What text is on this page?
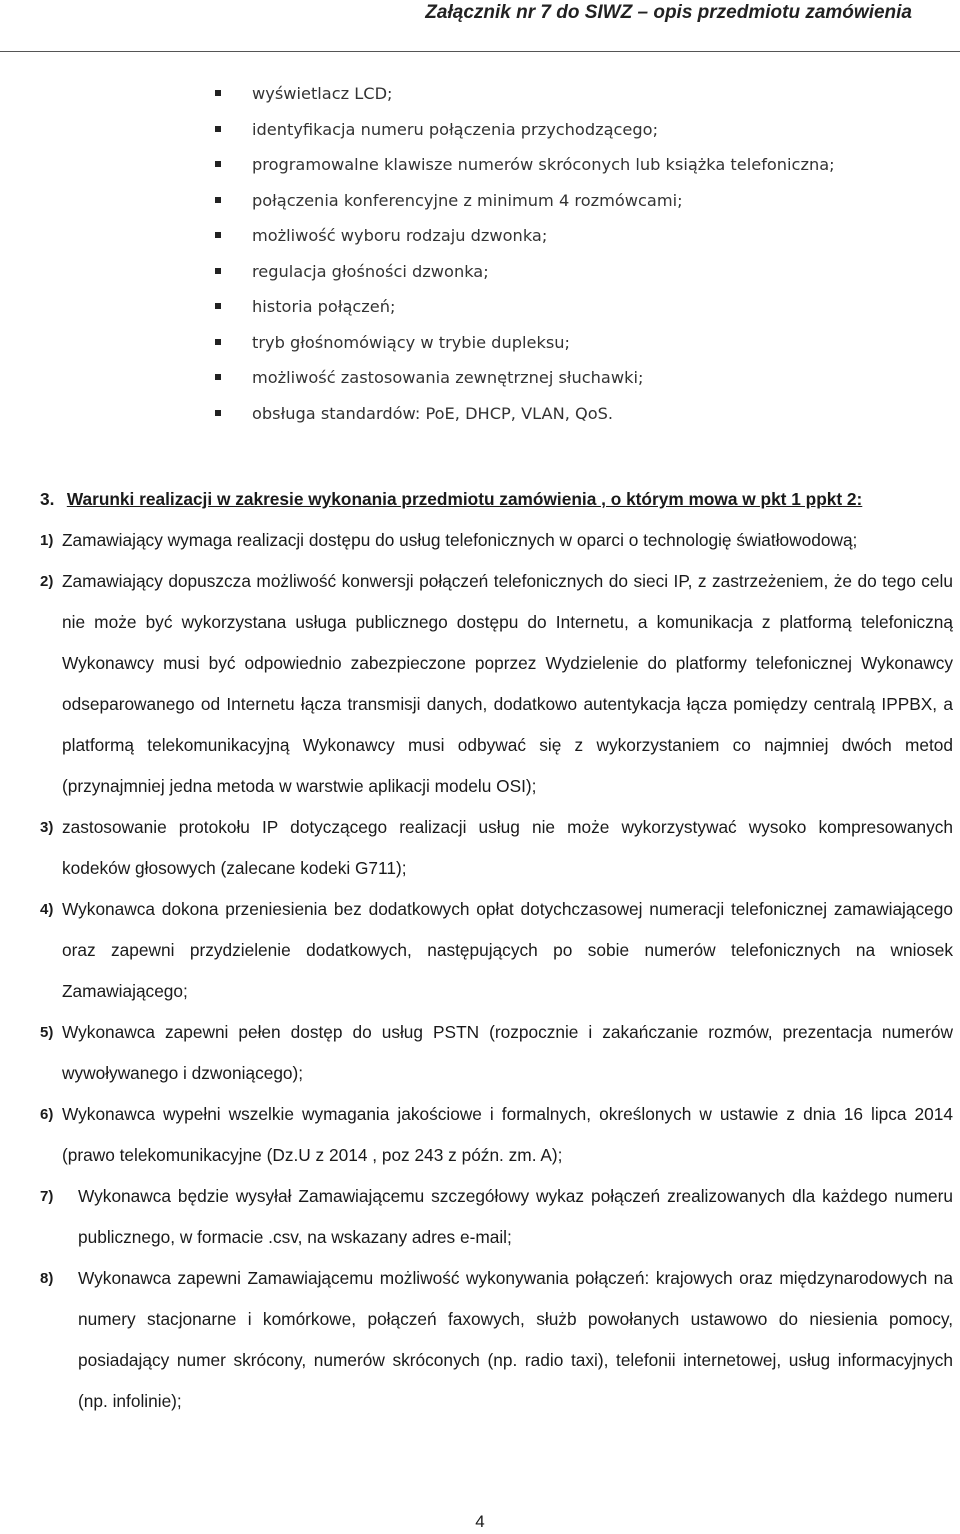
Załącznik nr 7 do SIWZ – opis przedmiotu zamówienia
wyświetlacz LCD;
identyfikacja numeru połączenia przychodzącego;
programowalne klawisze numerów skróconych lub książka telefoniczna;
połączenia konferencyjne z minimum 4 rozmówcami;
możliwość wyboru rodzaju dzwonka;
regulacja głośności dzwonka;
historia połączeń;
tryb głośnomówiący w trybie dupleksu;
możliwość zastosowania zewnętrznej słuchawki;
obsługa standardów: PoE, DHCP, VLAN, QoS.
3. Warunki realizacji w zakresie wykonania przedmiotu zamówienia , o którym mowa w pkt 1 ppkt 2:
1) Zamawiający wymaga realizacji dostępu do usług telefonicznych w oparci o technologię światłowodową;
2) Zamawiający dopuszcza możliwość konwersji połączeń telefonicznych do sieci IP, z zastrzeżeniem, że do tego celu nie może być wykorzystana usługa publicznego dostępu do Internetu, a komunikacja z platformą telefoniczną Wykonawcy musi być odpowiednio zabezpieczone poprzez Wydzielenie do platformy telefonicznej Wykonawcy odseparowanego od Internetu łącza transmisji danych, dodatkowo autentykacja łącza pomiędzy centralą IPPBX, a platformą telekomunikacyjną Wykonawcy musi odbywać się z wykorzystaniem co najmniej dwóch metod (przynajmniej jedna metoda w warstwie aplikacji modelu OSI);
3) zastosowanie protokołu IP dotyczącego realizacji usług nie może wykorzystywać wysoko kompresowanych kodeków głosowych (zalecane kodeki G711);
4) Wykonawca dokona przeniesienia bez dodatkowych opłat dotychczasowej numeracji telefonicznej zamawiającego oraz zapewni przydzielenie dodatkowych, następujących po sobie numerów telefonicznych na wniosek Zamawiającego;
5) Wykonawca zapewni pełen dostęp do usług PSTN (rozpocznie i zakańczanie rozmów, prezentacja numerów wywoływanego i dzwoniącego);
6) Wykonawca wypełni wszelkie wymagania jakościowe i formalnych, określonych w ustawie z dnia 16 lipca 2014 (prawo telekomunikacyjne (Dz.U z 2014 , poz 243 z późn. zm. A);
7) Wykonawca będzie wysyłał Zamawiającemu szczegółowy wykaz połączeń zrealizowanych dla każdego numeru publicznego, w formacie .csv, na wskazany adres e-mail;
8) Wykonawca zapewni Zamawiającemu możliwość wykonywania połączeń: krajowych oraz międzynarodowych na numery stacjonarne i komórkowe, połączeń faxowych, służb powołanych ustawowo do niesienia pomocy, posiadający numer skrócony, numerów skróconych (np. radio taxi), telefonii internetowej, usług informacyjnych (np. infolinie);
4
